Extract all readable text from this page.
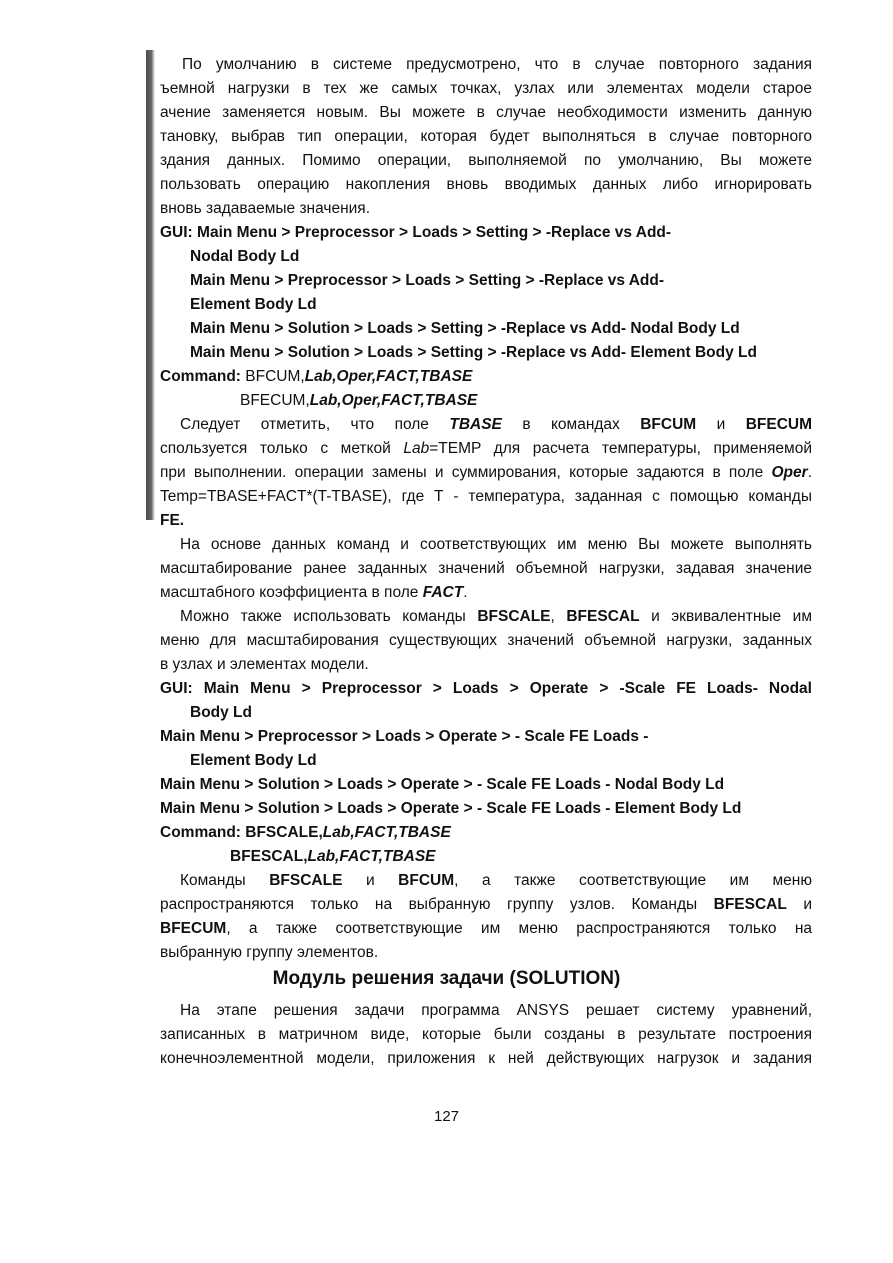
По умолчанию в системе предусмотрено, что в случае повторного задания
ъемной нагрузки в тех же самых точках, узлах или элементах модели старое
ачение заменяется новым. Вы можете в случае необходимости изменить данную
тановку, выбрав тип операции, которая будет выполняться в случае повторного
здания данных. Помимо операции, выполняемой по умолчанию, Вы можете
пользовать операцию накопления вновь вводимых данных либо игнорировать
вновь задаваемые значения.
GUI: Main Menu > Preprocessor > Loads > Setting > -Replace vs Add-
Nodal Body Ld
Main Menu > Preprocessor > Loads > Setting > -Replace vs Add-
Element Body Ld
Main Menu > Solution > Loads > Setting > -Replace vs Add- Nodal Body Ld
Main Menu > Solution > Loads > Setting > -Replace vs Add- Element Body Ld
Command: BFCUM,Lab,Oper,FACT,TBASE
BFECUM,Lab,Oper,FACT,TBASE
Следует отметить, что поле TBASE в командах BFCUM и BFECUM
спользуется только с меткой Lab=TEMP для расчета температуры, применяемой
при выполнении. операции замены и суммирования, которые задаются в поле Oper.
Temp=TBASE+FACT*(T-TBASE), где Т - температура, заданная с помощью команды
FE.
На основе данных команд и соответствующих им меню Вы можете выполнять
масштабирование ранее заданных значений объемной нагрузки, задавая значение
масштабного коэффициента в поле FACT.
Можно также использовать команды BFSCALE, BFESCAL и эквивалентные им
меню для масштабирования существующих значений объемной нагрузки, заданных
в узлах и элементах модели.
GUI: Main Menu > Preprocessor > Loads > Operate > -Scale FE Loads- Nodal
Body Ld
Main Menu > Preprocessor > Loads > Operate > - Scale FE Loads -
Element Body Ld
Main Menu > Solution > Loads > Operate > - Scale FE Loads - Nodal Body Ld
Main Menu > Solution > Loads > Operate > - Scale FE Loads - Element Body Ld
Command: BFSCALE,Lab,FACT,TBASE
BFESCAL,Lab,FACT,TBASE
Команды BFSCALE и BFCUM, а также соответствующие им меню
распространяются только на выбранную группу узлов. Команды BFESCAL и
BFECUM, а также соответствующие им меню распространяются только на
выбранную группу элементов.
Модуль решения задачи (SOLUTION)
На этапе решения задачи программа ANSYS решает систему уравнений,
записанных в матричном виде, которые были созданы в результате построения
конечноэлементной модели, приложения к ней действующих нагрузок и задания
127
